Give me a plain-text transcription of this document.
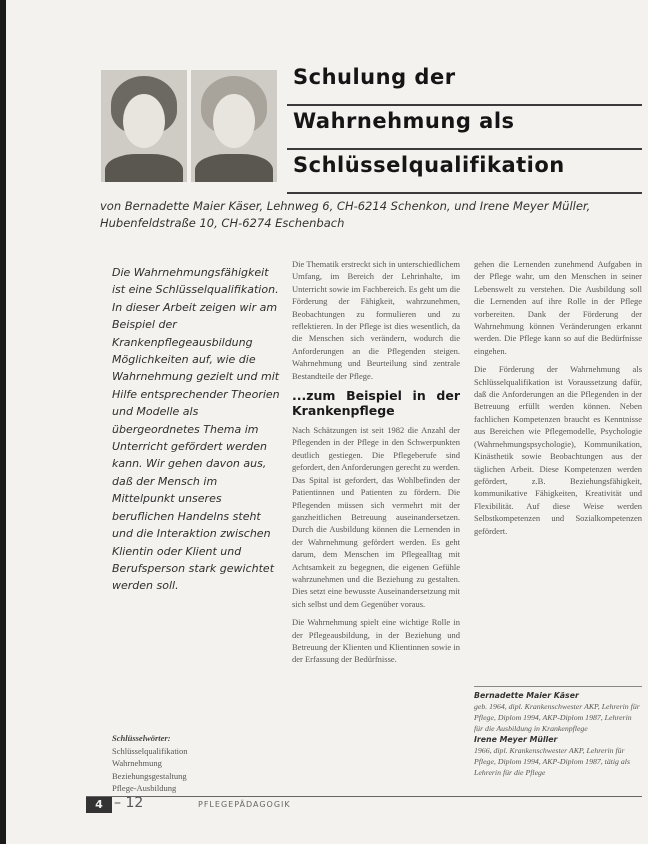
Schulung der
Wahrnehmung als
Schlüsselqualifikation
von Bernadette Maier Käser, Lehnweg 6, CH-6214 Schenkon, und Irene Meyer Müller, Hubenfeldstraße 10, CH-6274 Eschenbach
Die Wahrnehmungsfähigkeit ist eine Schlüsselqualifikation. In dieser Arbeit zeigen wir am Beispiel der Krankenpflegeausbildung Möglichkeiten auf, wie die Wahrnehmung gezielt und mit Hilfe entsprechender Theorien und Modelle als übergeordnetes Thema im Unterricht gefördert werden kann. Wir gehen davon aus, daß der Mensch im Mittelpunkt unseres beruflichen Handelns steht und die Interaktion zwischen Klientin oder Klient und Berufsperson stark gewichtet werden soll.

Die Thematik erstreckt sich in unterschiedlichem Umfang, im Bereich der Lehrinhalte, im Unterricht sowie im Fachbereich. Es geht um die Förderung der Fähigkeit, wahrzunehmen, Beobachtungen zu formulieren und zu reflektieren. In der Pflege ist dies wesentlich, da die Menschen sich verändern, wodurch die Anforderungen an die Pflegenden steigen. Wahrnehmung und Beurteilung sind zentrale Bestandteile der Pflege.

...zum Beispiel in der Krankenpflege

Nach Schätzungen ist seit 1982 die Anzahl der Pflegenden in der Pflege in den Schwerpunkten deutlich gestiegen. Die Pflegeberufe sind gefordert, den Anforderungen gerecht zu werden. Das Spital ist gefordert, das Wohlbefinden der Patientinnen und Patienten zu fördern. Die Pflegenden müssen sich vermehrt mit der ganzheitlichen Betreuung auseinandersetzen. Durch die Ausbildung können die Lernenden in der Wahrnehmung gefördert werden. Es geht darum, dem Menschen im Pflegealltag mit Achtsamkeit zu begegnen, die eigenen Gefühle wahrzunehmen und die Beziehung zu gestalten. Dies setzt eine bewusste Auseinandersetzung mit sich selbst und dem Gegenüber voraus.

Die Wahrnehmung spielt eine wichtige Rolle in der Pflegeausbildung, in der Beziehung und Betreuung der Klienten und Klientinnen sowie in der Erfassung der Bedürfnisse.

gehen die Lernenden zunehmend Aufgaben in der Pflege wahr, um den Menschen in seiner Lebenswelt zu verstehen. Die Ausbildung soll die Lernenden auf ihre Rolle in der Pflege vorbereiten. Dank der Förderung der Wahrnehmung können Veränderungen erkannt werden. Die Pflege kann so auf die Bedürfnisse eingehen.

Die Förderung der Wahrnehmung als Schlüsselqualifikation ist Voraussetzung dafür, daß die Anforderungen an die Pflegenden in der Betreuung erfüllt werden können. Neben fachlichen Kompetenzen braucht es Kenntnisse aus Bereichen wie Pflegemodelle, Psychologie (Wahrnehmungspsychologie), Kommunikation, Kinästhetik sowie Beobachtungen aus der täglichen Arbeit. Diese Kompetenzen werden gefördert, z.B. Beziehungsfähigkeit, kommunikative Fähigkeiten, Kreativität und Flexibilität. Auf diese Weise werden Selbstkompetenzen und Sozialkompetenzen gefördert.

Bernadette Maier Käser
geb. 1964, dipl. Krankenschwester AKP, Lehrerin für Pflege, Diplom 1994, AKP-Diplom 1987, Lehrerin für die Ausbildung in Krankenpflege
Irene Meyer Müller
1966, dipl. Krankenschwester AKP, Lehrerin für Pflege, Diplom 1994, AKP-Diplom 1987, tätig als Lehrerin für die Pflege
Schlüsselwörter:
Schlüsselqualifikation
Wahrnehmung
Beziehungsgestaltung
Pflege-Ausbildung
4 – 12	PFLEGEPÄDAGOGIK
